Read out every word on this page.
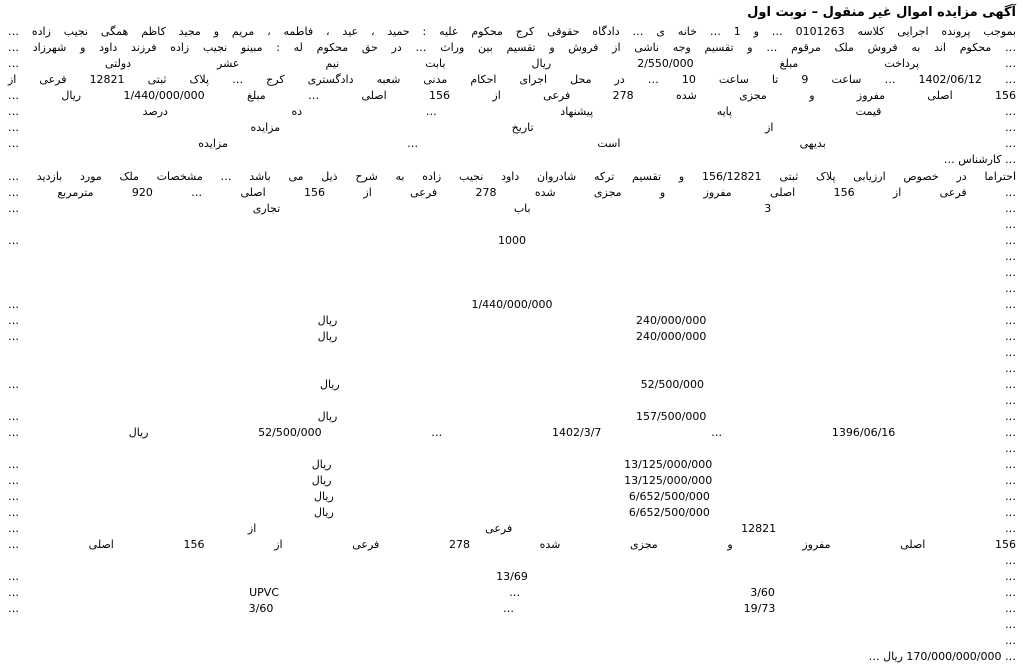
آگهی مزایده اموال غیر منقول – نوبت اول
بموجب پرونده اجرایی کلاسه 0101263 … و 1 … خانه ی … دادگاه حقوقی کرج محکوم علیه : حمید ، عید ، فاطمه ، مریم و مجید کاظم همگی نجیب زاده …
… محکوم اند به فروش ملک مرقوم … و تقسیم وجه ناشی از فروش و تقسیم بین وراث … در حق محکوم له : مبینو نجیب زاده فرزند داود و شهرزاد …
… پرداخت مبلغ 2/550/000 ریال بابت نیم عشر دولتی …
… 1402/06/12 … ساعت 9 تا ساعت 10 … در محل اجرای احکام مدنی شعبه دادگستری کرج … پلاک ثبتی 12821 فرعی از
156 اصلی مفروز و مجزی شده 278 فرعی از 156 اصلی … مبلغ 1/440/000/000 ریال …
… قیمت پایه پیشنهاد … ده درصد …
… از تاریخ مزایده …
… بدیهی است … مزایده …
… کارشناس …
احتراما در خصوص ارزیابی پلاک ثبتی 156/12821 و تقسیم ترکه شادروان داود نجیب زاده به شرح ذیل می باشد … مشخصات ملک مورد بازدید …
… فرعی از 156 اصلی مفروز و مجزی شده 278 فرعی از 156 اصلی … 920 مترمربع …
… 3 باب تجاری …
…
… 1000 …
…
…
…
… 1/440/000/000 …
… 240/000/000 ریال …
… 240/000/000 ریال …
…
…
… 52/500/000 ریال …
…
… 157/500/000 ریال …
… 1396/06/16 … 1402/3/7 … 52/500/000 ریال …
…
… 13/125/000/000 ریال …
… 13/125/000/000 ریال …
… 6/652/500/000 ریال …
… 6/652/500/000 ریال …
… 12821 فرعی از …
156 اصلی مفروز و مجزی شده 278 فرعی از 156 اصلی …
…
… 13/69 …
… UPVC … 3/60 …
… 19/73 … 3/60 …
…
…
… 170/000/000/000 ریال …
